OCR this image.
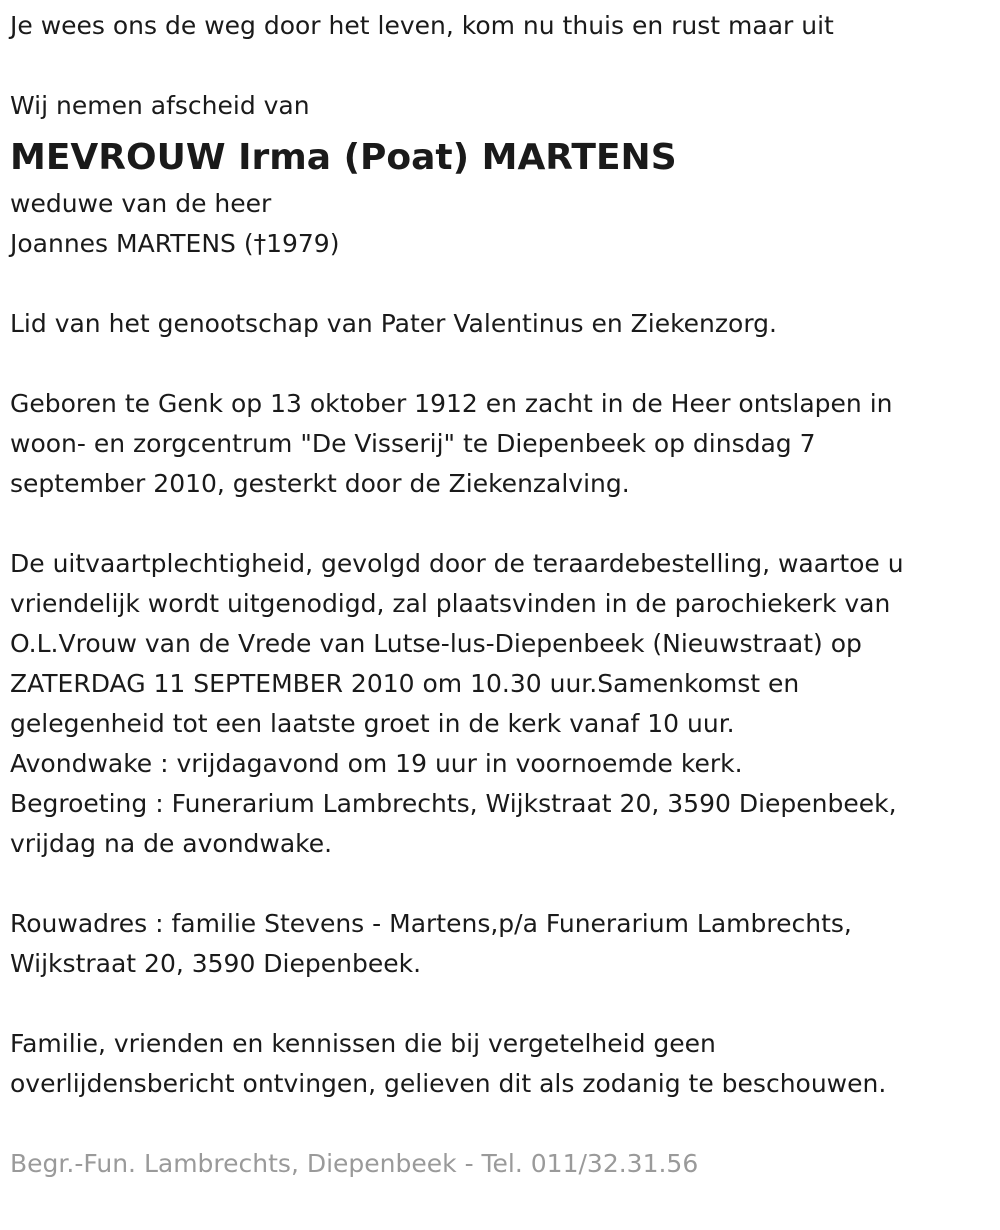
Je wees ons de weg door het leven, kom nu thuis en rust maar uit

Wij nemen afscheid van

MEVROUW Irma (Poat) MARTENS

weduwe van de heer

Joannes MARTENS (†1979)

Lid van het genootschap van Pater Valentinus en Ziekenzorg.

Geboren te Genk op 13 oktober 1912 en zacht in de Heer ontslapen in

woon- en zorgcentrum "De Visserij" te Diepenbeek op dinsdag 7

september 2010, gesterkt door de Ziekenzalving.

De uitvaartplechtigheid, gevolgd door de teraardebestelling, waartoe u

vriendelijk wordt uitgenodigd, zal plaatsvinden in de parochiekerk van

O.L.Vrouw van de Vrede van Lutse-lus-Diepenbeek (Nieuwstraat) op

ZATERDAG 11 SEPTEMBER 2010 om 10.30 uur.Samenkomst en

gelegenheid tot een laatste groet in de kerk vanaf 10 uur.

Avondwake : vrijdagavond om 19 uur in voornoemde kerk.

Begroeting : Funerarium Lambrechts, Wijkstraat 20, 3590 Diepenbeek,

vrijdag na de avondwake.

Rouwadres : familie Stevens - Martens,p/a Funerarium Lambrechts,

Wijkstraat 20, 3590 Diepenbeek.

Familie, vrienden en kennissen die bij vergetelheid geen

overlijdensbericht ontvingen, gelieven dit als zodanig te beschouwen.

Begr.-Fun. Lambrechts, Diepenbeek - Tel. 011/32.31.56
